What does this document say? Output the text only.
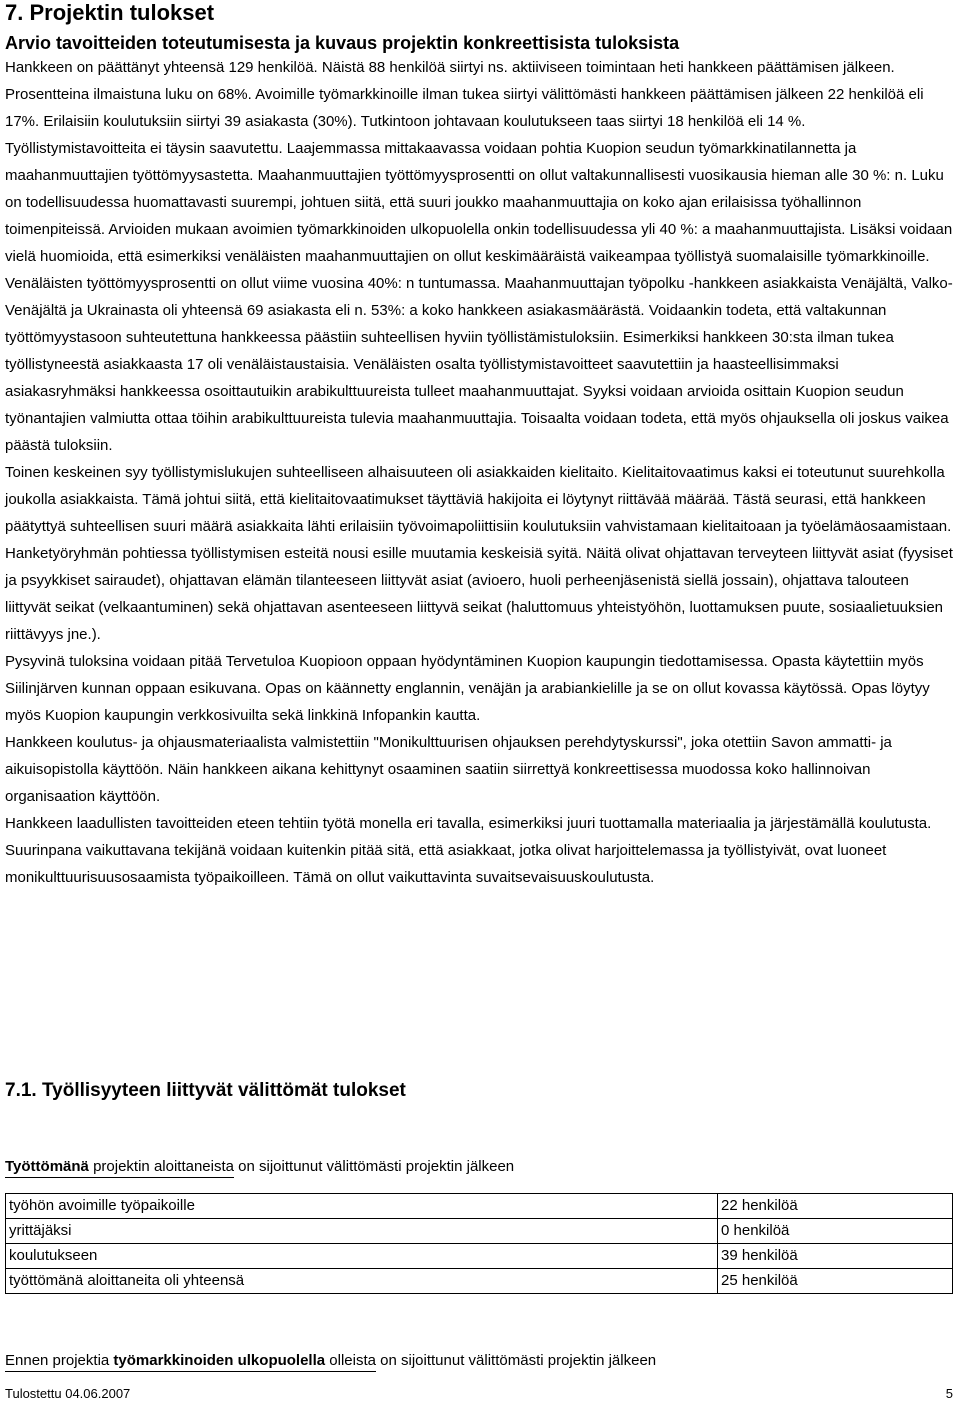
7. Projektin tulokset
Arvio tavoitteiden toteutumisesta ja kuvaus projektin konkreettisista tuloksista

Hankkeen on päättänyt yhteensä 129 henkilöä. Näistä 88 henkilöä siirtyi ns. aktiiviseen toimintaan heti hankkeen päättämisen jälkeen. Prosentteina ilmaistuna luku on 68%. Avoimille työmarkkinoille ilman tukea siirtyi välittömästi hankkeen päättämisen jälkeen 22 henkilöä eli 17%. Erilaisiin koulutuksiin siirtyi 39 asiakasta (30%). Tutkintoon johtavaan koulutukseen taas siirtyi 18 henkilöä eli 14 %.

Työllistymistavoitteita ei täysin saavutettu. Laajemmassa mittakaavassa voidaan pohtia Kuopion seudun työmarkkinatilannetta ja maahanmuuttajien työttömyysastetta. Maahanmuuttajien työttömyysprosentti on ollut valtakunnallisesti vuosikausia hieman alle 30 %: n. Luku on todellisuudessa huomattavasti suurempi, johtuen siitä, että suuri joukko maahanmuuttajia on koko ajan erilaisissa työhallinnon toimenpiteissä. Arvioiden mukaan avoimien työmarkkinoiden ulkopuolella onkin todellisuudessa yli 40 %: a maahanmuuttajista. Lisäksi voidaan vielä huomioida, että esimerkiksi venäläisten maahanmuuttajien on ollut keskimääräistä vaikeampaa työllistyä suomalaisille työmarkkinoille. Venäläisten työttömyysprosentti on ollut viime vuosina 40%: n tuntumassa. Maahanmuuttajan työpolku -hankkeen asiakkaista Venäjältä, Valko-Venäjältä ja Ukrainasta oli yhteensä 69 asiakasta eli n. 53%: a koko hankkeen asiakasmäärästä. Voidaankin todeta, että valtakunnan työttömyystasoon suhteutettuna hankkeessa päästiin suhteellisen hyviin työllistämistuloksiin. Esimerkiksi hankkeen 30:sta ilman tukea työllistyneestä asiakkaasta 17 oli venäläistaustaisia. Venäläisten osalta työllistymistavoitteet saavutettiin ja haasteellisimmaksi asiakasryhmäksi hankkeessa osoittautuikin arabikulttuureista tulleet maahanmuuttajat. Syyksi voidaan arvioida osittain Kuopion seudun työnantajien valmiutta ottaa töihin arabikulttuureista tulevia maahanmuuttajia. Toisaalta voidaan todeta, että myös ohjauksella oli joskus vaikea päästä tuloksiin.

Toinen keskeinen syy työllistymislukujen suhteelliseen alhaisuuteen oli asiakkaiden kielitaito. Kielitaitovaatimus kaksi ei toteutunut suurehkolla joukolla asiakkaista. Tämä johtui siitä, että kielitaitovaatimukset täyttäviä hakijoita ei löytynyt riittävää määrää. Tästä seurasi, että hankkeen päätyttyä suhteellisen suuri määrä asiakkaita lähti erilaisiin työvoimapoliittisiin koulutuksiin vahvistamaan kielitaitoaan ja työelämäosaamistaan.

Hanketyöryhmän pohtiessa työllistymisen esteitä nousi esille muutamia keskeisiä syitä. Näitä olivat ohjattavan terveyteen liittyvät asiat (fyysiset ja psyykkiset sairaudet), ohjattavan elämän tilanteeseen liittyvät asiat (avioero, huoli perheenjäsenistä siellä jossain), ohjattava talouteen liittyvät seikat (velkaantuminen) sekä ohjattavan asenteeseen liittyvä seikat (haluttomuus yhteistyöhön, luottamuksen puute, sosiaalietuuksien riittävyys jne.).

Pysyvinä tuloksina voidaan pitää Tervetuloa Kuopioon oppaan hyödyntäminen Kuopion kaupungin tiedottamisessa. Opasta käytettiin myös Siilinjärven kunnan oppaan esikuvana. Opas on käännetty englannin, venäjän ja arabiankielille ja se on ollut kovassa käytössä. Opas löytyy myös Kuopion kaupungin verkkosivuilta sekä linkkinä Infopankin kautta.

Hankkeen koulutus- ja ohjausmateriaalista valmistettiin "Monikulttuurisen ohjauksen perehdytyskurssi", joka otettiin Savon ammatti- ja aikuisopistolla käyttöön. Näin hankkeen aikana kehittynyt osaaminen saatiin siirrettyä konkreettisessa muodossa koko hallinnoivan organisaation käyttöön.

Hankkeen laadullisten tavoitteiden eteen tehtiin työtä monella eri tavalla, esimerkiksi juuri tuottamalla materiaalia ja järjestämällä koulutusta. Suurinpana vaikuttavana tekijänä voidaan kuitenkin pitää sitä, että asiakkaat, jotka olivat harjoittelemassa ja työllistyivät, ovat luoneet monikulttuurisuusosaamista työpaikoilleen. Tämä on ollut vaikuttavinta suvaitsevaisuuskoulutusta.

7.1. Työllisyyteen liittyvät välittömät tulokset
Työttömänä projektin aloittaneista on sijoittunut välittömästi projektin jälkeen
työhön avoimille työpaikoille	22 henkilöä
yrittäjäksi	0 henkilöä
koulutukseen	39 henkilöä
työttömänä aloittaneita oli yhteensä	25 henkilöä
Ennen projektia työmarkkinoiden ulkopuolella olleista on sijoittunut välittömästi projektin jälkeen
Tulostettu 04.06.2007	5
